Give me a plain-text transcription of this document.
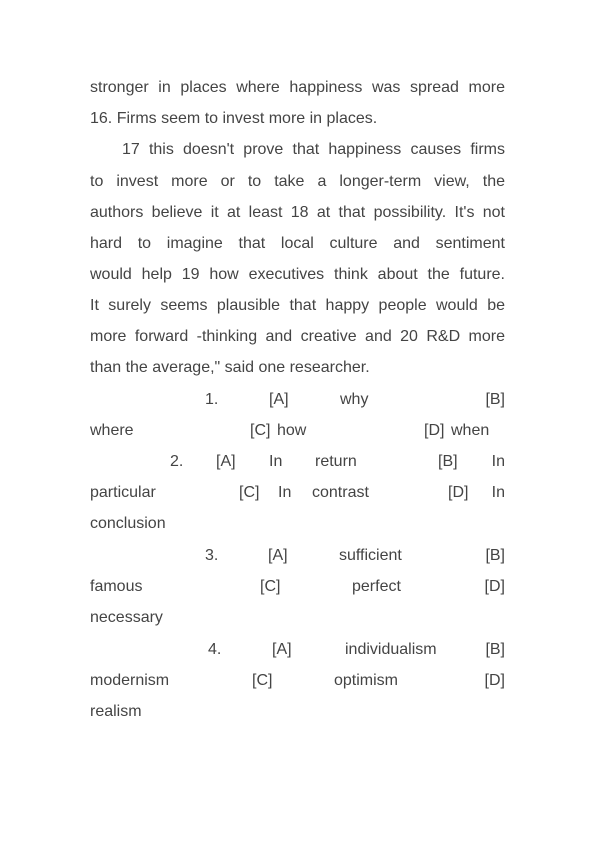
stronger in places where happiness was spread more
16. Firms seem to invest more in places.
17 this doesn't prove that happiness causes firms
to invest more or to take a longer-term view, the
authors believe it at least 18 at that possibility. It's not
hard to imagine that local culture and sentiment
would help 19 how executives think about the future.
It surely seems plausible that happy people would be
more forward -thinking and creative and 20 R&D more
than the average," said one researcher.
1.	[A]	why	[B]
where	[C] how	[D] when
2. [A] In return	[B] In
particular	[C] In contrast	[D] In
conclusion
3.	[A]	sufficient	[B]
famous	[C]	perfect	[D]
necessary
4.	[A]	individualism	[B]
modernism	[C]	optimism	[D]
realism
